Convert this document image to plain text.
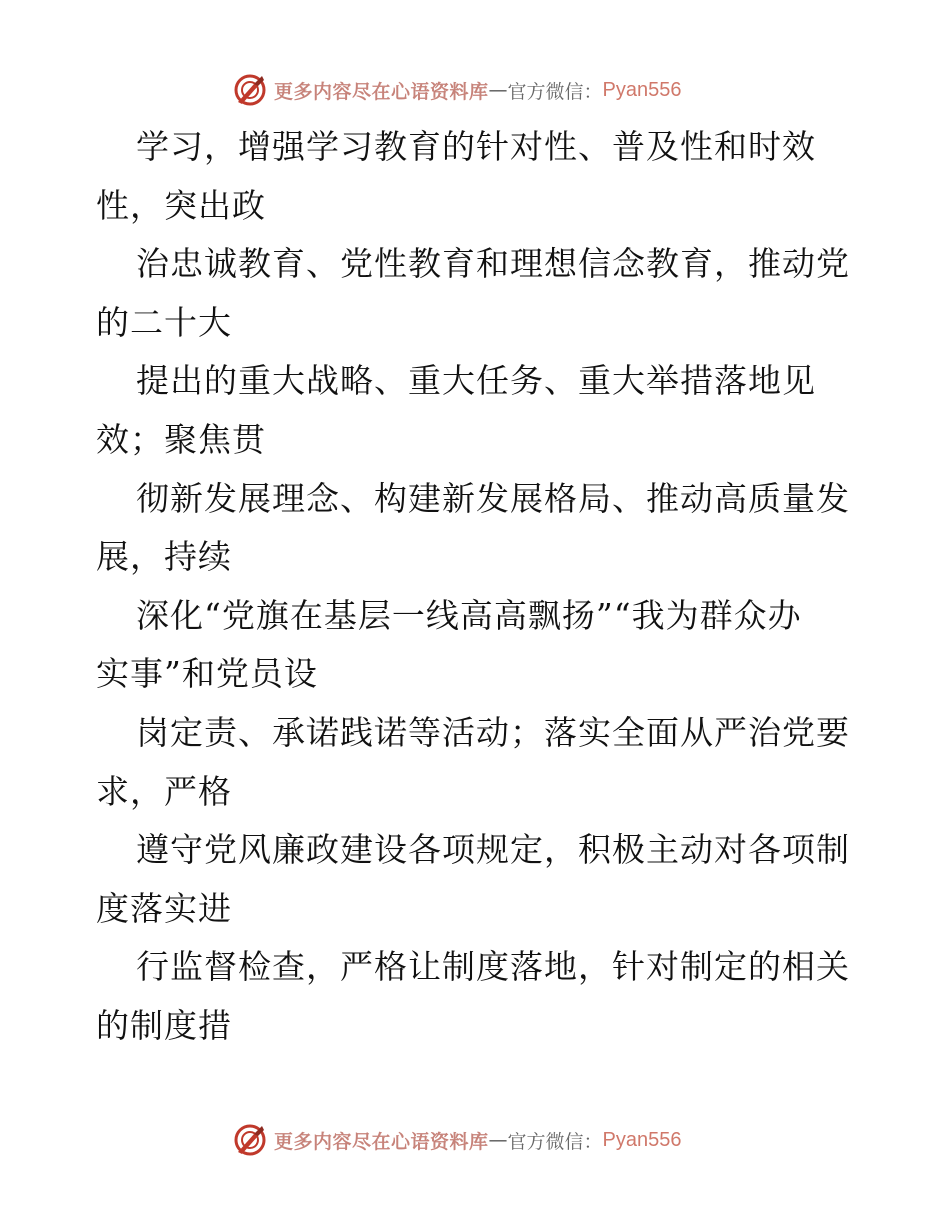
更多内容尽在心语资料库 — 官方微信： Pyan556
学习，增强学习教育的针对性、普及性和时效
性，突出政
治忠诚教育、党性教育和理想信念教育，推动党
的二十大
提出的重大战略、重大任务、重大举措落地见
效；聚焦贯
彻新发展理念、构建新发展格局、推动高质量发
展，持续
深化“党旗在基层一线高高飘扬”“我为群众办
实事”和党员设
岗定责、承诺践诺等活动；落实全面从严治党要
求，严格
遵守党风廉政建设各项规定，积极主动对各项制
度落实进
行监督检查，严格让制度落地，针对制定的相关
的制度措
更多内容尽在心语资料库 — 官方微信： Pyan556
